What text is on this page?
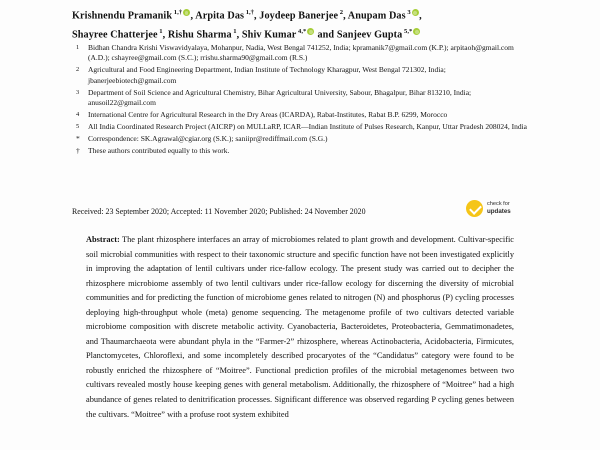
Krishnendu Pramanik $^{1,\dagger}$ , Arpita Das $^{1,\dagger}$, Joydeep Banerjee $^2$, Anupam Das $^3$ ,
Shayree Chatterjee $^1$, Rishu Sharma $^1$, Shiv Kumar $^{4,*}$ and Sanjeev Gupta $^{5,*}$
1	Bidhan Chandra Krishi Viswavidyalaya, Mohanpur, Nadia, West Bengal 741252, India; kpramanik7@gmail.com (K.P.); arpitaoh@gmail.com (A.D.); cshayree@gmail.com (S.C.); rrishu.sharma90@gmail.com (R.S.)
2	Agricultural and Food Engineering Department, Indian Institute of Technology Kharagpur, West Bengal 721302, India; jbanerjeebiotech@gmail.com
3	Department of Soil Science and Agricultural Chemistry, Bihar Agricultural University, Sabour, Bhagalpur, Bihar 813210, India; anusoil22@gmail.com
4	International Centre for Agricultural Research in the Dry Areas (ICARDA), Rabat-Institutes, Rabat B.P. 6299, Morocco
5	All India Coordinated Research Project (AICRP) on MULLaRP, ICAR—Indian Institute of Pulses Research, Kanpur, Uttar Pradesh 208024, India
*	Correspondence: SK.Agrawal@cgiar.org (S.K.); saniipr@rediffmail.com (S.G.)
†	These authors contributed equally to this work.
Received: 23 September 2020; Accepted: 11 November 2020; Published: 24 November 2020
check for
updates
Abstract: The plant rhizosphere interfaces an array of microbiomes related to plant growth and development. Cultivar-specific soil microbial communities with respect to their taxonomic structure and specific function have not been investigated explicitly in improving the adaptation of lentil cultivars under rice-fallow ecology. The present study was carried out to decipher the rhizosphere microbiome assembly of two lentil cultivars under rice-fallow ecology for discerning the diversity of microbial communities and for predicting the function of microbiome genes related to nitrogen (N) and phosphorus (P) cycling processes deploying high-throughput whole (meta) genome sequencing. The metagenome profile of two cultivars detected variable microbiome composition with discrete metabolic activity. Cyanobacteria, Bacteroidetes, Proteobacteria, Gemmatimonadetes, and Thaumarchaeota were abundant phyla in the “Farmer-2” rhizosphere, whereas Actinobacteria, Acidobacteria, Firmicutes, Planctomycetes, Chloroflexi, and some incompletely described procaryotes of the “Candidatus” category were found to be robustly enriched the rhizosphere of “Moitree”. Functional prediction profiles of the microbial metagenomes between two cultivars revealed mostly house keeping genes with general metabolism. Additionally, the rhizosphere of “Moitree” had a high abundance of genes related to denitrification processes. Significant difference was observed regarding P cycling genes between the cultivars. “Moitree” with a profuse root system exhibited
